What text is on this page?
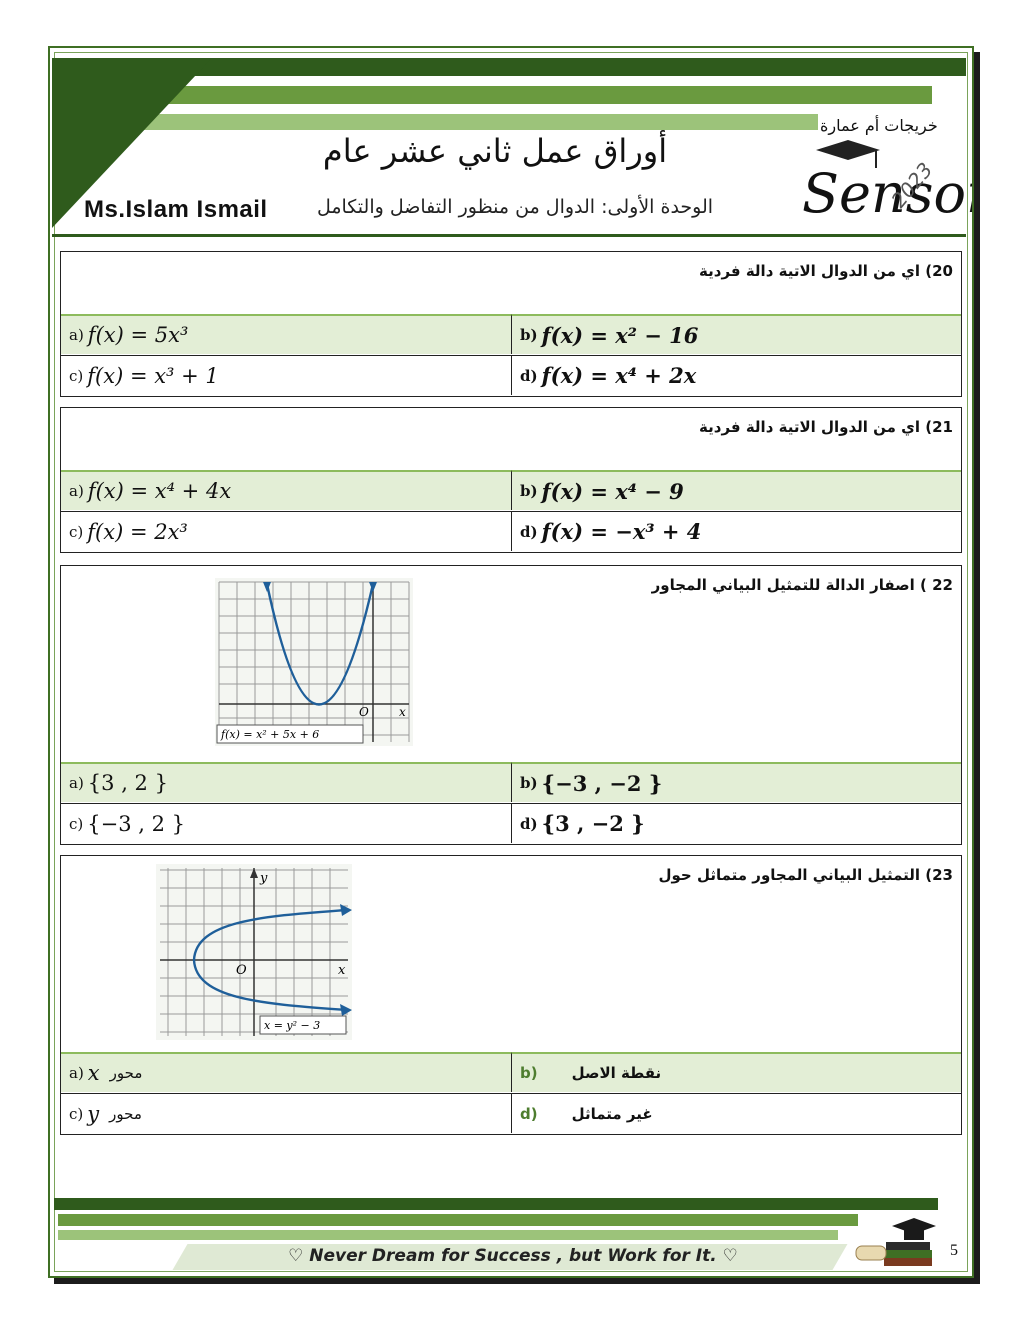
خريجات أم عمارة
Senso
2023
أوراق عمل ثاني عشر عام
الوحدة الأولى: الدوال من منظور التفاضل والتكامل
Ms.Islam Ismail
20) اي من الدوال الاتية دالة فردية
a) f(x) = 5x³	b) f(x) = x² − 16
c) f(x) = x³ + 1	d) f(x) = x⁴ + 2x
21) اي من الدوال الاتية دالة فردية
a) f(x) = x⁴ + 4x	b) f(x) = x⁴ − 9
c) f(x) = 2x³	d) f(x) = −x³ + 4
22 ) اصفار الدالة للتمثيل البياني المجاور
O	x
f(x) = x² + 5x + 6
a) {3 , 2 }	b) {−3 , −2 }
c) {−3 , 2 }	d) {3 , −2 }
23) التمثيل البياني المجاور متماثل حول
y
O	x
x = y² − 3
a) x محور	b) نقطة الاصل
c) y محور	d) غير متماثل
♡ Never Dream for Success , but Work for It. ♡	5
